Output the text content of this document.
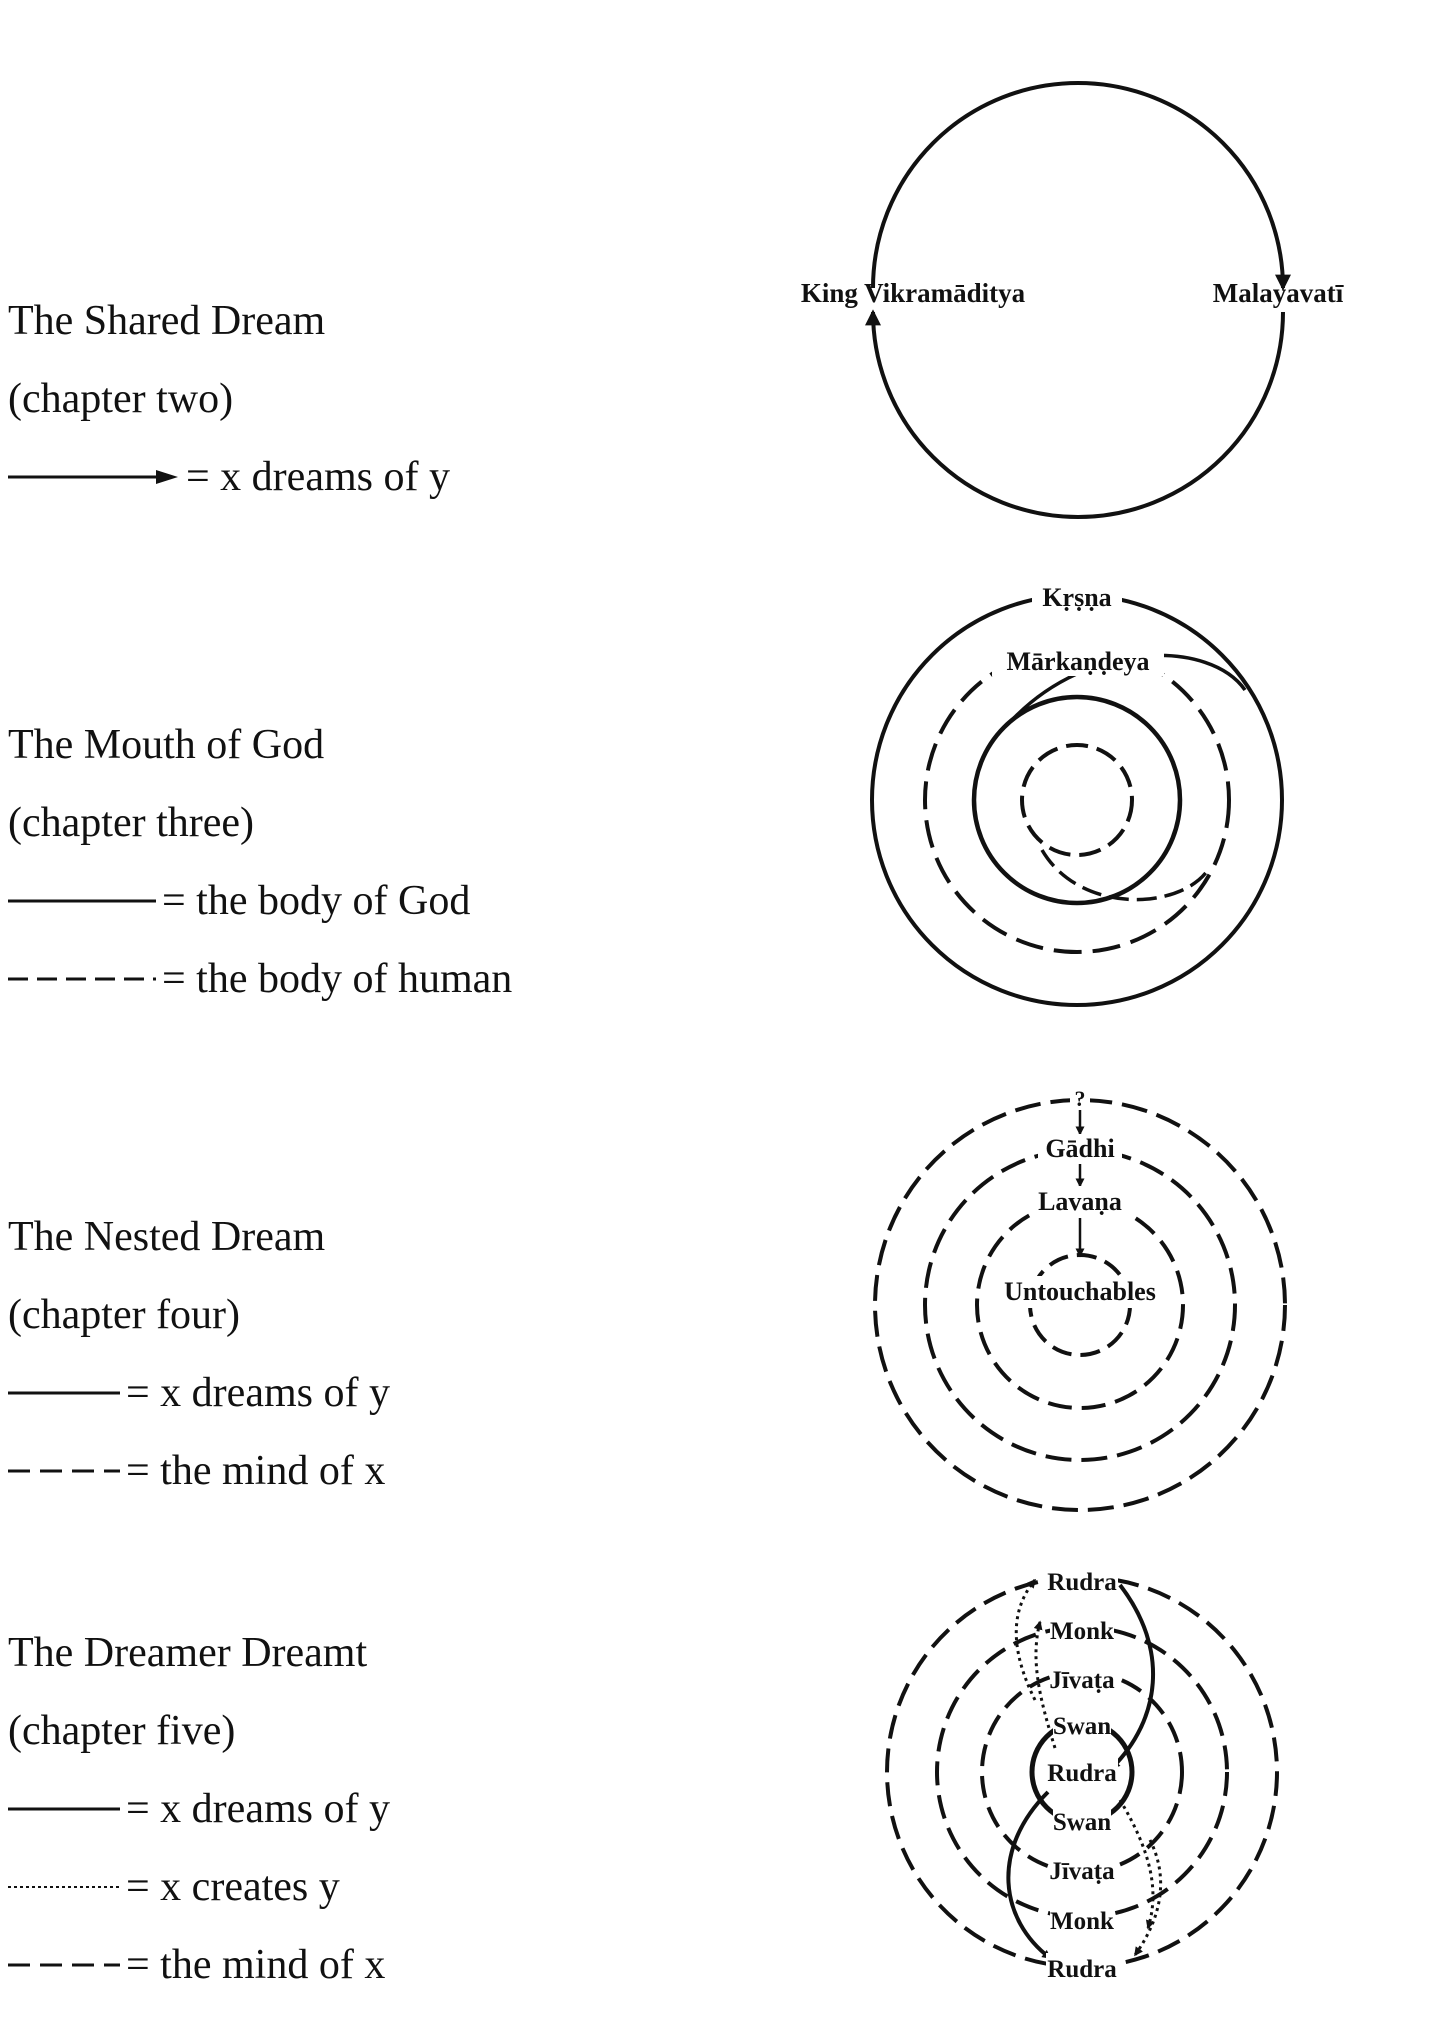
The Shared Dream
(chapter two)
= x dreams of y
The Mouth of God
(chapter three)
= the body of God
= the body of human
The Nested Dream
(chapter four)
= x dreams of y
= the mind of x
The Dreamer Dreamt
(chapter five)
= x dreams of y
= x creates y
= the mind of x
King Vikramāditya	Malayavatī
Kṛṣṇa
Mārkaṇḍeya
?
Gādhi
Lavaṇa
Untouchables
Rudra
Monk
Jīvaṭa
Swan
Rudra
Swan
Jīvaṭa
Monk
Rudra
